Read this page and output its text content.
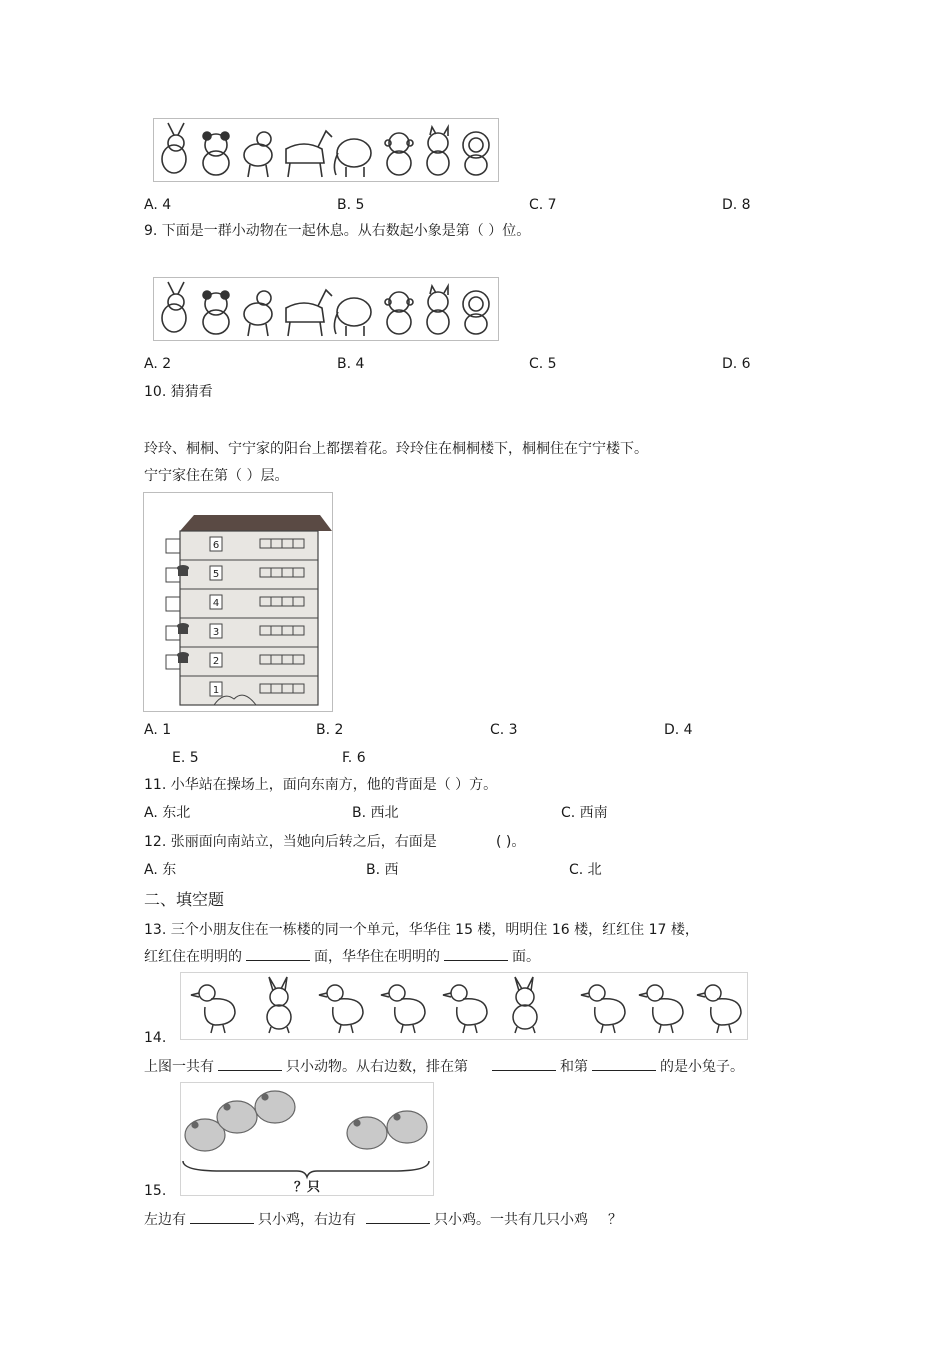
A. 4	B. 5	C. 7	D. 8
9. 下面是一群小动物在一起休息。从右数起小象是第（ ）位。
A. 2	B. 4	C. 5	D. 6
10. 猜猜看
玲玲、桐桐、宁宁家的阳台上都摆着花。玲玲住在桐桐楼下，桐桐住在宁宁楼下。
宁宁家住在第（ ）层。
6
5
4
3
2
1
A. 1	B. 2	C. 3	D. 4
E. 5	F. 6
11. 小华站在操场上，面向东南方，他的背面是（ ）方。
A. 东北	B. 西北	C. 西南
12. 张丽面向南站立，当她向后转之后，右面是	( )。
A. 东	B. 西	C. 北
二、填空题
13. 三个小朋友住在一栋楼的同一个单元，华华住 15 楼，明明住 16 楼，红红住 17 楼，
红红住在明明的	面，华华住在明明的	面。
14.
上图一共有	只小动物。从右边数，排在第	和第	的是小兔子。
15.	？只
左边有	只小鸡，右边有	只小鸡。一共有几只小鸡 ？
